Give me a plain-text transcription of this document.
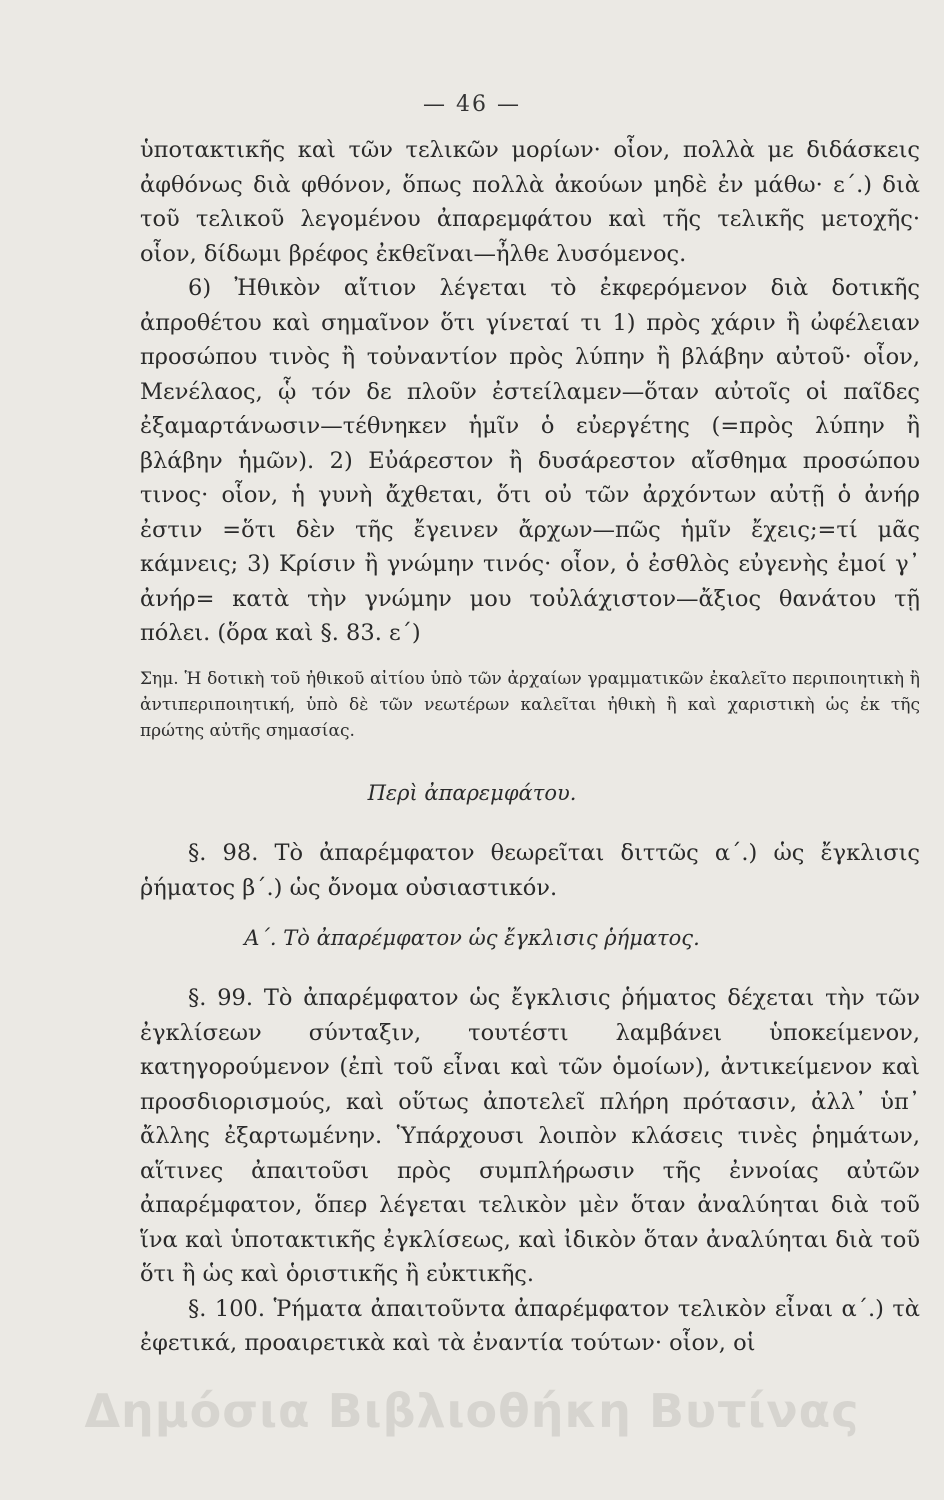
— 46 —

ὑποτακτικῆς καὶ τῶν τελικῶν μορίων· οἷον, πολλὰ με διδάσκεις ἀφθόνως διὰ φθόνον, ὅπως πολλὰ ἀκούων μηδὲ ἐν μάθω· ε΄.) διὰ τοῦ τελικοῦ λεγομένου ἀπαρεμφάτου καὶ τῆς τελικῆς μετοχῆς· οἷον, δίδωμι βρέφος ἐκθεῖναι—ἦλθε λυσόμενος.

6) Ἠθικὸν αἴτιον λέγεται τὸ ἐκφερόμενον διὰ δοτικῆς ἀπροθέτου καὶ σημαῖνον ὅτι γίνεταί τι 1) πρὸς χάριν ἢ ὠφέλειαν προσώπου τινὸς ἢ τοὐναντίον πρὸς λύπην ἢ βλάβην αὐτοῦ· οἷον, Μενέλαος, ᾧ τόν δε πλοῦν ἐστείλαμεν—ὅταν αὐτοῖς οἱ παῖδες ἐξαμαρτάνωσιν—τέθνηκεν ἡμῖν ὁ εὐεργέτης (=πρὸς λύπην ἢ βλάβην ἡμῶν). 2) Εὐάρεστον ἢ δυσάρεστον αἴσθημα προσώπου τινος· οἷον, ἡ γυνὴ ἄχθεται, ὅτι οὐ τῶν ἀρχόντων αὐτῇ ὁ ἀνήρ ἐστιν =ὅτι δὲν τῆς ἔγεινεν ἄρχων—πῶς ἡμῖν ἔχεις;=τί μᾶς κάμνεις; 3) Κρίσιν ἢ γνώμην τινός· οἷον, ὁ ἐσθλὸς εὐγενὴς ἐμοί γ᾽ ἀνήρ= κατὰ τὴν γνώμην μου τοὐλάχιστον—ἄξιος θανάτου τῇ πόλει. (ὅρα καὶ §. 83. ε΄)

Σημ. Ἡ δοτικὴ τοῦ ἠθικοῦ αἰτίου ὑπὸ τῶν ἀρχαίων γραμματικῶν ἐκαλεῖτο περιποιητικὴ ἢ ἀντιπεριποιητική, ὑπὸ δὲ τῶν νεωτέρων καλεῖται ἠθικὴ ἢ καὶ χαριστικὴ ὡς ἐκ τῆς πρώτης αὐτῆς σημασίας.

Περὶ ἀπαρεμφάτου.

§. 98. Τὸ ἀπαρέμφατον θεωρεῖται διττῶς α΄.) ὡς ἔγκλισις ῥήματος β΄.) ὡς ὄνομα οὐσιαστικόν.

Α΄. Τὸ ἀπαρέμφατον ὡς ἔγκλισις ῥήματος.

§. 99. Τὸ ἀπαρέμφατον ὡς ἔγκλισις ῥήματος δέχεται τὴν τῶν ἐγκλίσεων σύνταξιν, τουτέστι λαμβάνει ὑποκείμενον, κατηγορούμενον (ἐπὶ τοῦ εἶναι καὶ τῶν ὁμοίων), ἀντικείμενον καὶ προσδιορισμούς, καὶ οὕτως ἀποτελεῖ πλήρη πρότασιν, ἀλλ᾽ ὑπ᾽ ἄλλης ἐξαρτωμένην. Ὑπάρχουσι λοιπὸν κλάσεις τινὲς ῥημάτων, αἵτινες ἀπαιτοῦσι πρὸς συμπλήρωσιν τῆς ἐννοίας αὐτῶν ἀπαρέμφατον, ὅπερ λέγεται τελικὸν μὲν ὅταν ἀναλύηται διὰ τοῦ ἵνα καὶ ὑποτακτικῆς ἐγκλίσεως, καὶ ἰδικὸν ὅταν ἀναλύηται διὰ τοῦ ὅτι ἢ ὡς καὶ ὁριστικῆς ἢ εὐκτικῆς.

§. 100. Ῥήματα ἀπαιτοῦντα ἀπαρέμφατον τελικὸν εἶναι α΄.) τὰ ἐφετικά, προαιρετικὰ καὶ τὰ ἐναντία τούτων· οἷον, οἱ

Δημόσια Βιβλιοθήκη Βυτίνας
